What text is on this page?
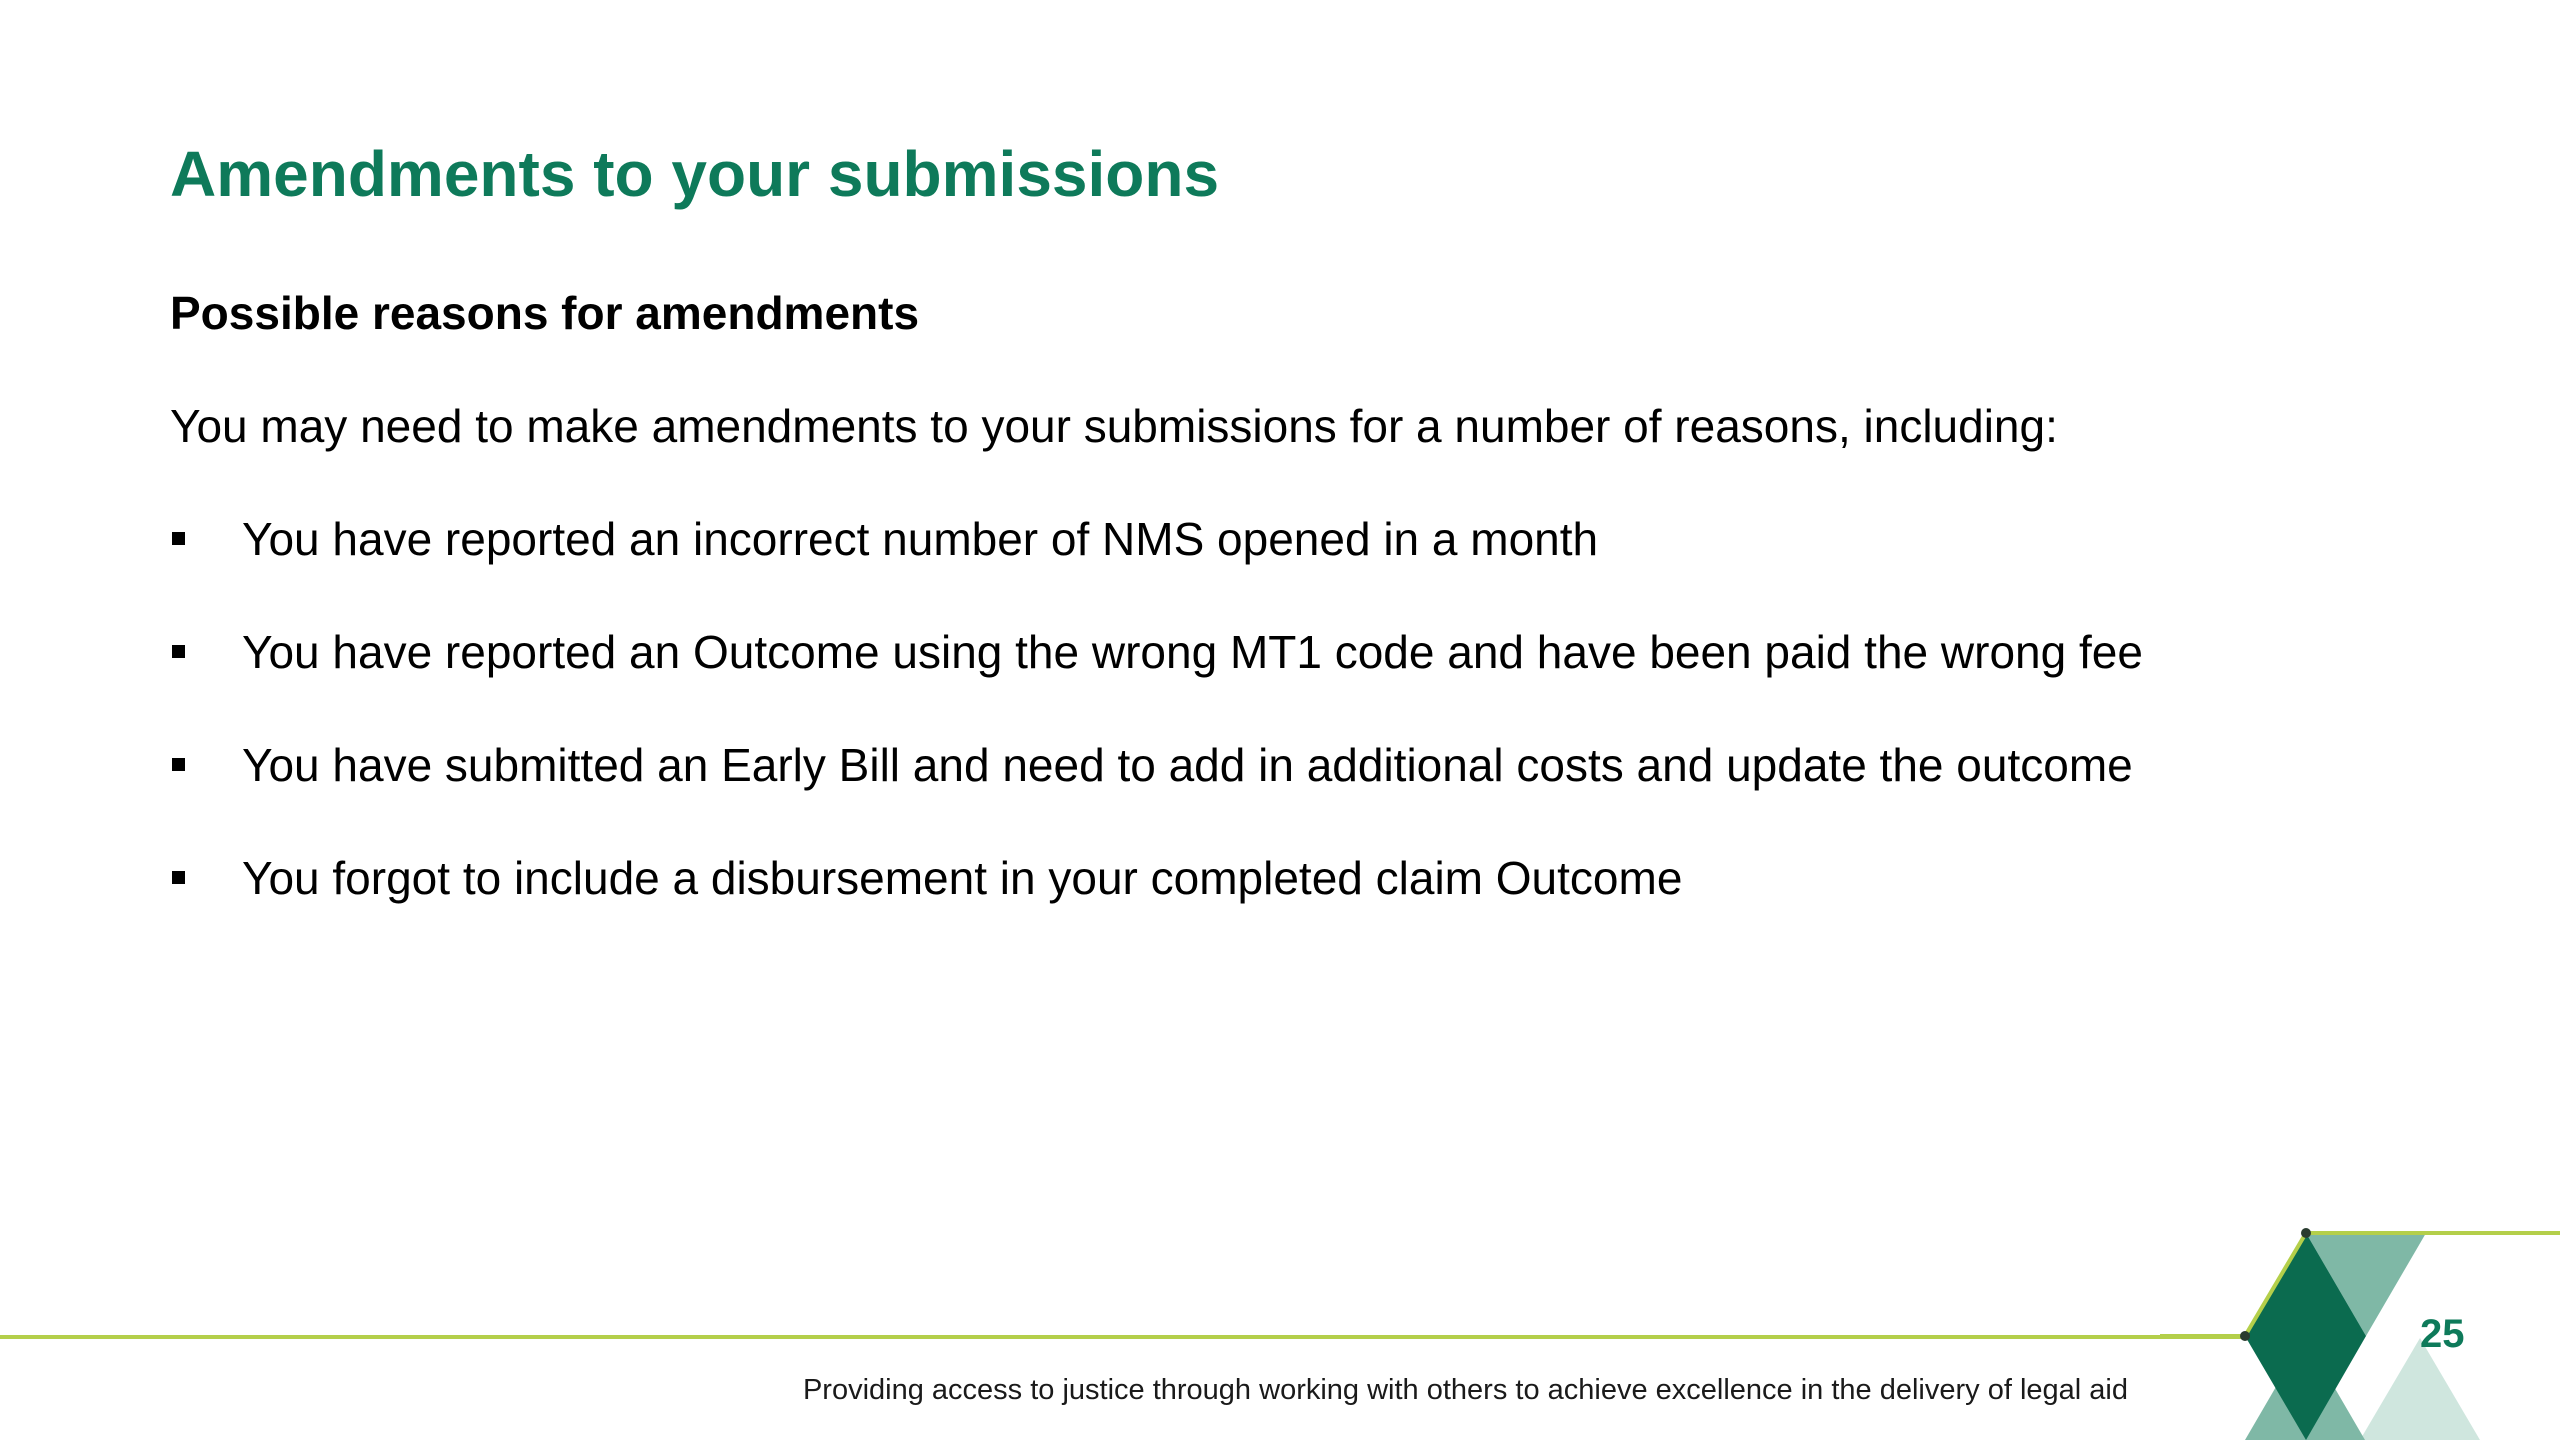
Amendments to your submissions
Possible reasons for amendments

You may need to make amendments to your submissions for a number of reasons, including:

You have reported an incorrect number of NMS opened in a month
You have reported an Outcome using the wrong MT1 code and have been paid the wrong fee
You have submitted an Early Bill and need to add in additional costs and update the outcome
You forgot to include a disbursement in your completed claim Outcome

Providing access to justice through working with others to achieve excellence in the delivery of legal aid

25
